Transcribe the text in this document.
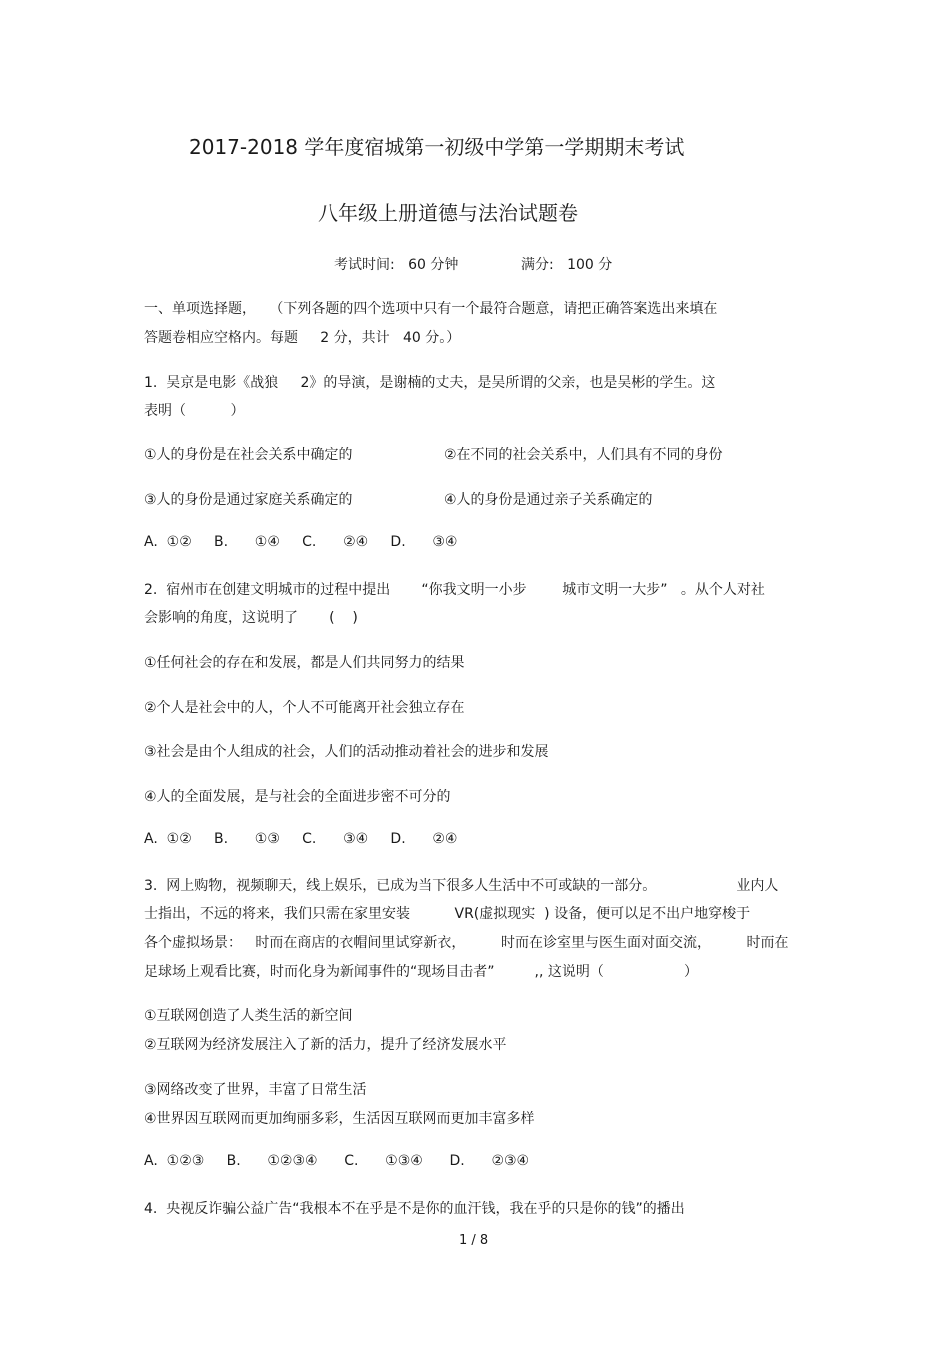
2017-2018 学年度宿城第一初级中学第一学期期末考试
八年级上册道德与法治试题卷
考试时间:   60 分钟	满分:   100 分
一、单项选择题，   （下列各题的四个选项中只有一个最符合题意，请把正确答案选出来填在
答题卷相应空格内。每题     2 分，共计   40 分。）
1.  吴京是电影《战狼     2》的导演，是谢楠的丈夫，是吴所谓的父亲，也是吴彬的学生。这
表明（          ）
①人的身份是在社会关系中确定的	②在不同的社会关系中，人们具有不同的身份
③人的身份是通过家庭关系确定的	④人的身份是通过亲子关系确定的
A.  ①②     B.      ①④     C.      ②④     D.      ③④
2.  宿州市在创建文明城市的过程中提出       “你我文明一小步        城市文明一大步”   。从个人对社
会影响的角度，这说明了       (    )
①任何社会的存在和发展，都是人们共同努力的结果
②个人是社会中的人，个人不可能离开社会独立存在
③社会是由个人组成的社会，人们的活动推动着社会的进步和发展
④人的全面发展，是与社会的全面进步密不可分的
A.  ①②     B.      ①③     C.      ③④     D.      ②④
3.  网上购物，视频聊天，线上娱乐，已成为当下很多人生活中不可或缺的一部分。                  业内人
士指出，不远的将来，我们只需在家里安装          VR(虚拟现实  ) 设备，便可以足不出户地穿梭于
各个虚拟场景：   时而在商店的衣帽间里试穿新衣，        时而在诊室里与医生面对面交流，        时而在
足球场上观看比赛，时而化身为新闻事件的“现场目击者”         ,, 这说明（                  ）
①互联网创造了人类生活的新空间
②互联网为经济发展注入了新的活力，提升了经济发展水平
③网络改变了世界，丰富了日常生活
④世界因互联网而更加绚丽多彩，生活因互联网而更加丰富多样
A.  ①②③     B.      ①②③④      C.      ①③④      D.      ②③④
4.  央视反诈骗公益广告“我根本不在乎是不是你的血汗钱，我在乎的只是你的钱”的播出
1 / 8
